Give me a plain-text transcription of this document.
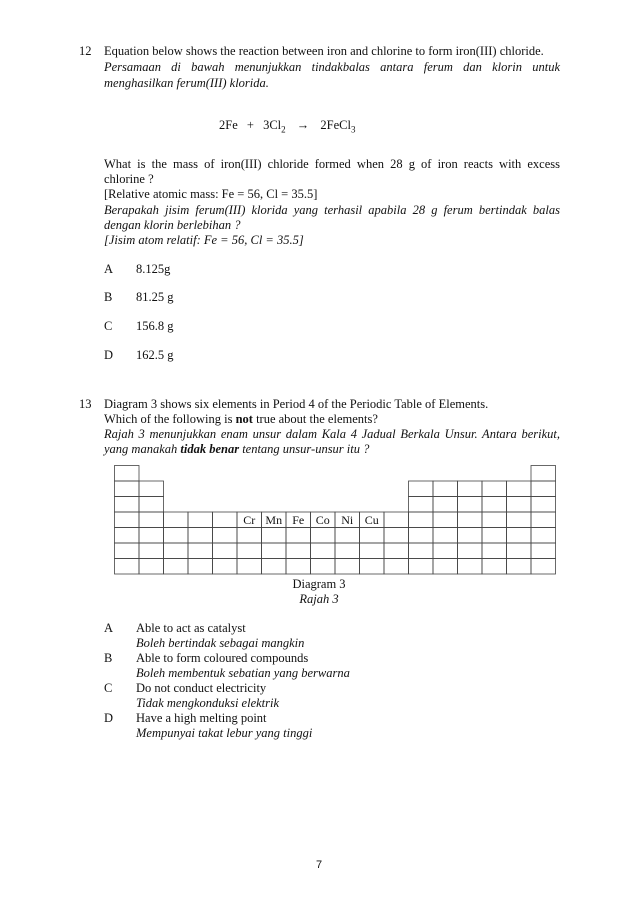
12 Equation below shows the reaction between iron and chlorine to form iron(III) chloride.
Persamaan di bawah menunjukkan tindakbalas antara ferum dan klorin untuk
menghasilkan ferum(III) klorida.
$2Fe + 3Cl_2$ → 2FeCl$_3$
What is the mass of iron(III) chloride formed when 28 g of iron reacts with excess
chlorine ?
[Relative atomic mass: Fe = 56, Cl = 35.5]
Berapakah jisim ferum(III) klorida yang terhasil apabila 28 g ferum bertindak balas
dengan klorin berlebihan ?
[Jisim atom relatif: Fe = 56, Cl = 35.5]
A 8.125g
B 81.25 g
C 156.8 g
D 162.5 g
13 Diagram 3 shows six elements in Period 4 of the Periodic Table of Elements.
Which of the following is not true about the elements?
Rajah 3 menunjukkan enam unsur dalam Kala 4 Jadual Berkala Unsur. Antara berikut,
yang manakah tidak benar tentang unsur-unsur itu ?
Cr Mn Fe Co Ni Cu
Diagram 3
Rajah 3
A Able to act as catalyst
Boleh bertindak sebagai mangkin
B Able to form coloured compounds
Boleh membentuk sebatian yang berwarna
C Do not conduct electricity
Tidak mengkonduksi elektrik
D Have a high melting point
Mempunyai takat lebur yang tinggi
7
